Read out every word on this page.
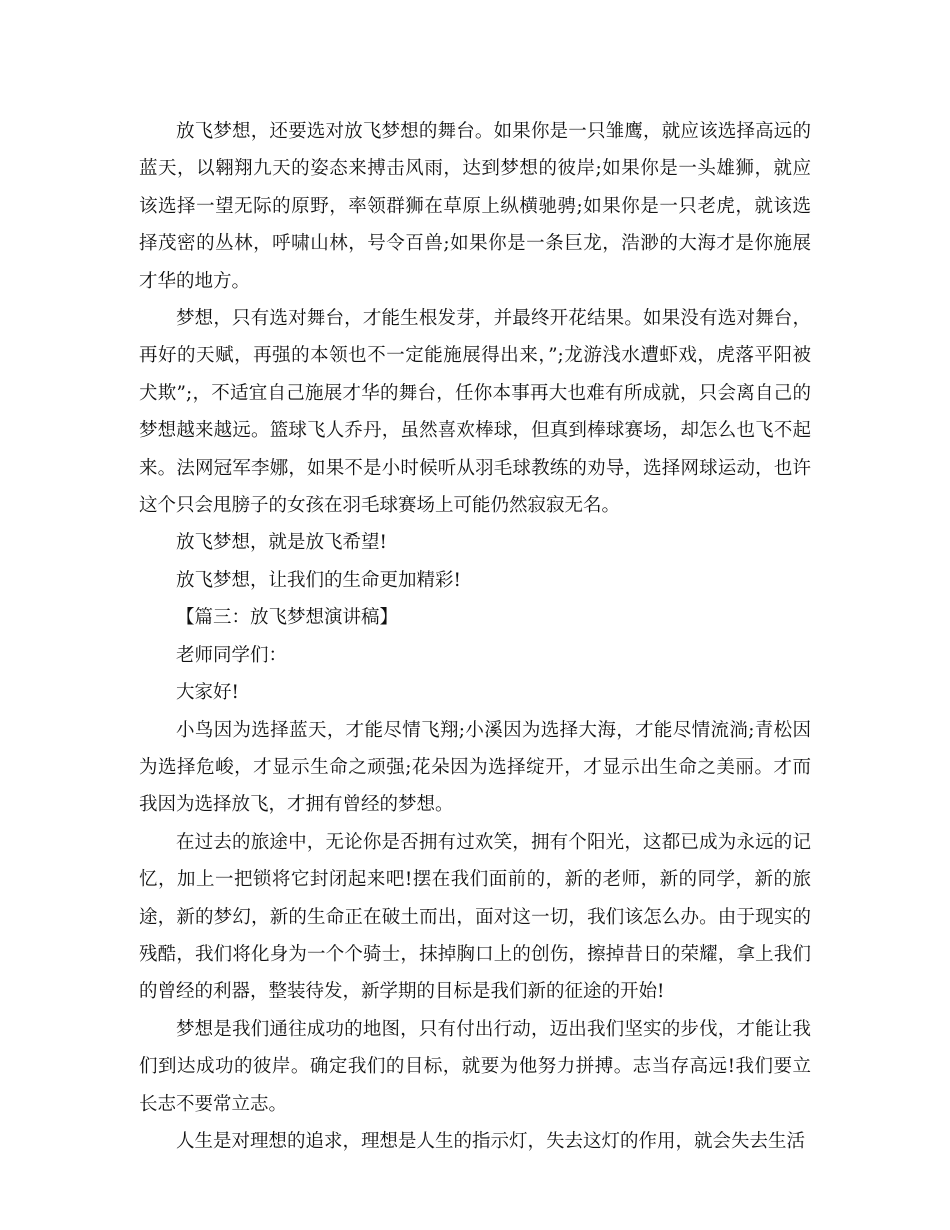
放飞梦想，还要选对放飞梦想的舞台。如果你是一只雏鹰，就应该选择高远的蓝天，以翱翔九天的姿态来搏击风雨，达到梦想的彼岸;如果你是一头雄狮，就应该选择一望无际的原野，率领群狮在草原上纵横驰骋;如果你是一只老虎，就该选择茂密的丛林，呼啸山林，号令百兽;如果你是一条巨龙，浩渺的大海才是你施展才华的地方。

梦想，只有选对舞台，才能生根发芽，并最终开花结果。如果没有选对舞台，再好的天赋，再强的本领也不一定能施展得出来，”;龙游浅水遭虾戏，虎落平阳被犬欺”;，不适宜自己施展才华的舞台，任你本事再大也难有所成就，只会离自己的梦想越来越远。篮球飞人乔丹，虽然喜欢棒球，但真到棒球赛场，却怎么也飞不起来。法网冠军李娜，如果不是小时候听从羽毛球教练的劝导，选择网球运动，也许这个只会甩膀子的女孩在羽毛球赛场上可能仍然寂寂无名。

放飞梦想，就是放飞希望!

放飞梦想，让我们的生命更加精彩!

【篇三：放飞梦想演讲稿】

老师同学们：

大家好!

小鸟因为选择蓝天，才能尽情飞翔;小溪因为选择大海，才能尽情流淌;青松因为选择危峻，才显示生命之顽强;花朵因为选择绽开，才显示出生命之美丽。才而我因为选择放飞，才拥有曾经的梦想。

在过去的旅途中，无论你是否拥有过欢笑，拥有个阳光，这都已成为永远的记忆，加上一把锁将它封闭起来吧!摆在我们面前的，新的老师，新的同学，新的旅途，新的梦幻，新的生命正在破土而出，面对这一切，我们该怎么办。由于现实的残酷，我们将化身为一个个骑士，抹掉胸口上的创伤，擦掉昔日的荣耀，拿上我们的曾经的利器，整装待发，新学期的目标是我们新的征途的开始!

梦想是我们通往成功的地图，只有付出行动，迈出我们坚实的步伐，才能让我们到达成功的彼岸。确定我们的目标，就要为他努力拼搏。志当存高远!我们要立长志不要常立志。

人生是对理想的追求，理想是人生的指示灯，失去这灯的作用，就会失去生活
